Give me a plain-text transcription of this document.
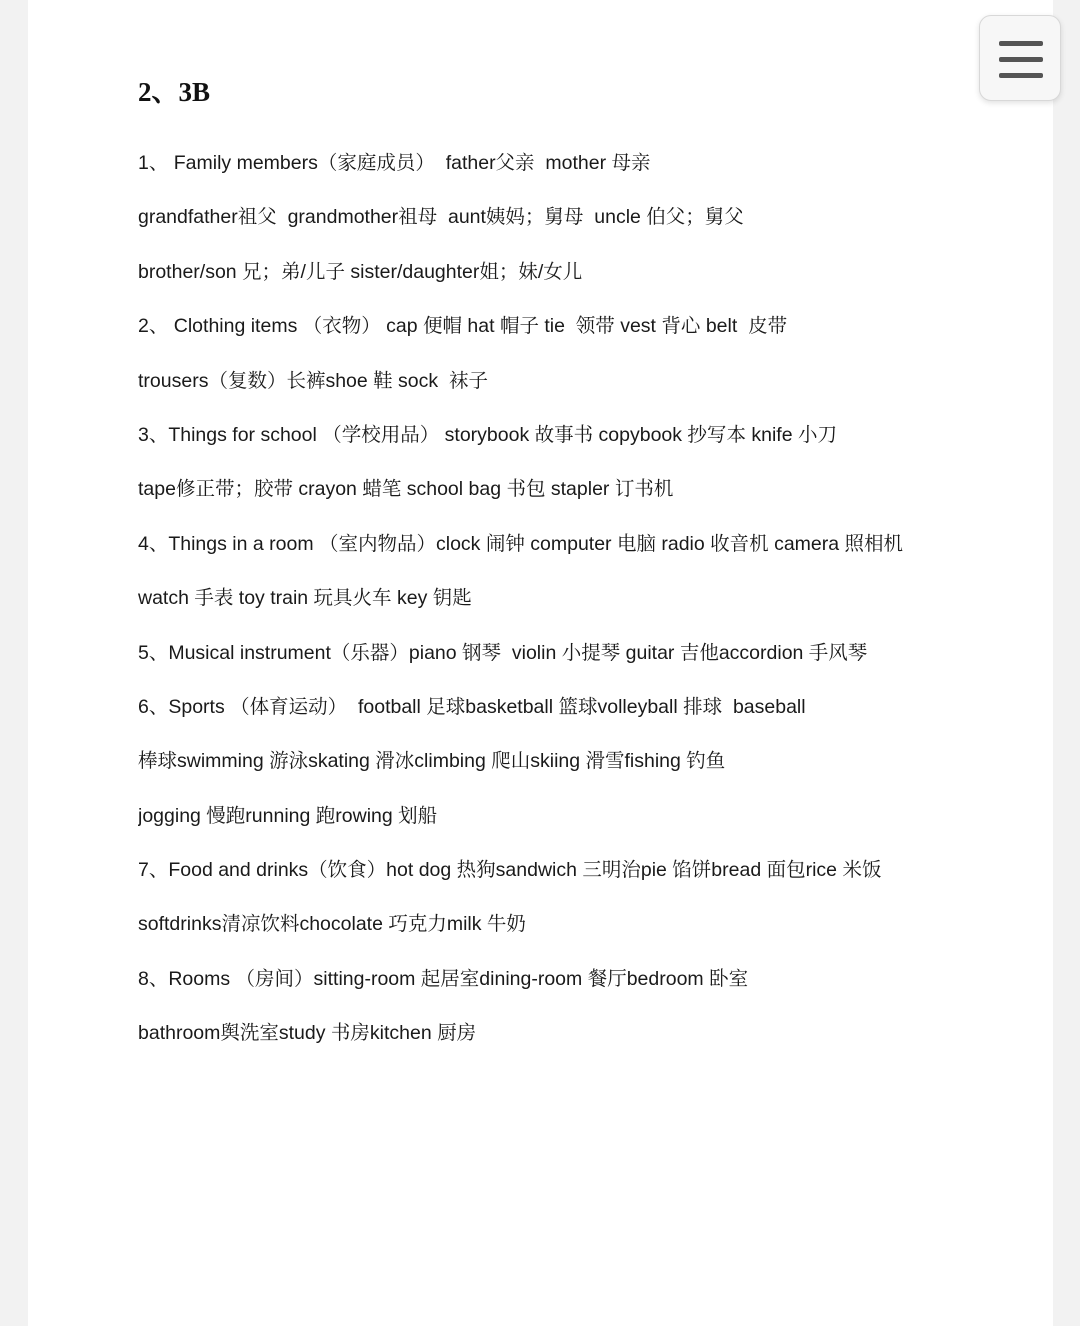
2、3B
1、 Family members（家庭成员）  father父亲  mother 母亲
grandfather祖父  grandmother祖母  aunt姨妈；舅母  uncle 伯父；舅父
brother/son 兄；弟/儿子 sister/daughter姐；妹/女儿
2、 Clothing items （衣物） cap 便帽 hat 帽子 tie  领带 vest 背心 belt  皮带
trousers（复数）长裤shoe 鞋 sock  袜子
3、Things for school （学校用品） storybook 故事书 copybook 抄写本 knife 小刀
tape修正带；胶带 crayon 蜡笔 school bag 书包 stapler 订书机
4、Things in a room （室内物品）clock 闹钟 computer 电脑 radio 收音机 camera 照相机
watch 手表 toy train 玩具火车 key 钥匙
5、Musical instrument（乐器）piano 钢琴  violin 小提琴 guitar 吉他accordion 手风琴
6、Sports （体育运动）  football 足球basketball 篮球volleyball 排球  baseball
棒球swimming 游泳skating 滑冰climbing 爬山skiing 滑雪fishing 钓鱼
jogging 慢跑running 跑rowing 划船
7、Food and drinks（饮食）hot dog 热狗sandwich 三明治pie 馅饼bread 面包rice 米饭
softdrinks清凉饮料chocolate 巧克力milk 牛奶
8、Rooms （房间）sitting-room 起居室dining-room 餐厅bedroom 卧室
bathroom舆洗室study 书房kitchen 厨房
